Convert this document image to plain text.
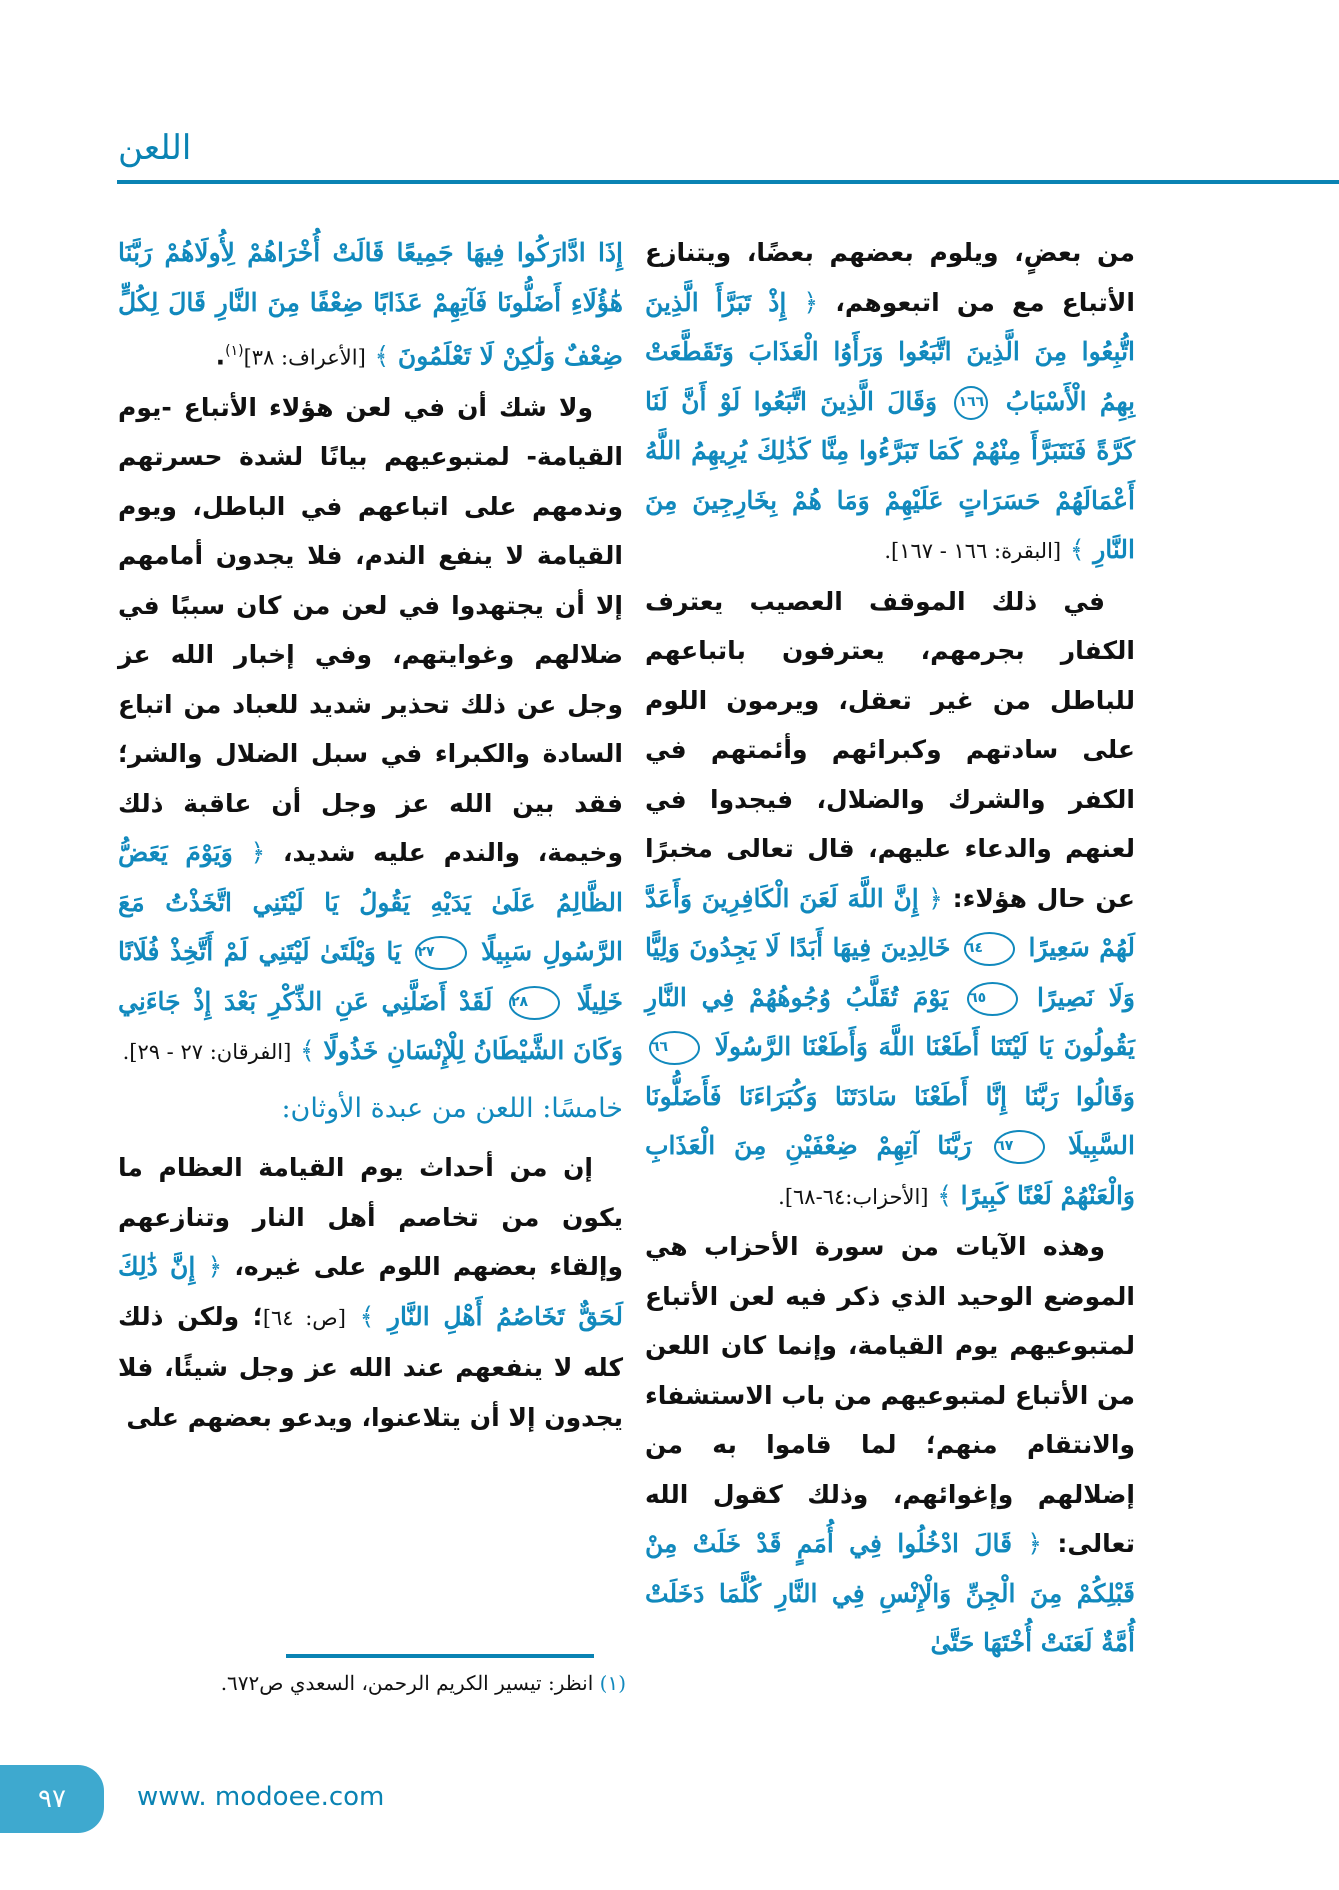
اللعن

من بعضٍ، ويلوم بعضهم بعضًا، ويتنازع الأتباع مع من اتبعوهم، ﴿ إِذْ تَبَرَّأَ الَّذِينَ اتُّبِعُوا مِنَ الَّذِينَ اتَّبَعُوا وَرَأَوُا الْعَذَابَ وَتَقَطَّعَتْ بِهِمُ الْأَسْبَابُ ١٦٦ وَقَالَ الَّذِينَ اتَّبَعُوا لَوْ أَنَّ لَنَا كَرَّةً فَنَتَبَرَّأَ مِنْهُمْ كَمَا تَبَرَّءُوا مِنَّا كَذَٰلِكَ يُرِيهِمُ اللَّهُ أَعْمَالَهُمْ حَسَرَاتٍ عَلَيْهِمْ وَمَا هُمْ بِخَارِجِينَ مِنَ النَّارِ ﴾ [البقرة: ١٦٦ - ١٦٧].

في ذلك الموقف العصيب يعترف الكفار بجرمهم، يعترفون باتباعهم للباطل من غير تعقل، ويرمون اللوم على سادتهم وكبرائهم وأئمتهم في الكفر والشرك والضلال، فيجدوا في لعنهم والدعاء عليهم، قال تعالى مخبرًا عن حال هؤلاء: ﴿ إِنَّ اللَّهَ لَعَنَ الْكَافِرِينَ وَأَعَدَّ لَهُمْ سَعِيرًا ٦٤ خَالِدِينَ فِيهَا أَبَدًا لَا يَجِدُونَ وَلِيًّا وَلَا نَصِيرًا ٦٥ يَوْمَ تُقَلَّبُ وُجُوهُهُمْ فِي النَّارِ يَقُولُونَ يَا لَيْتَنَا أَطَعْنَا اللَّهَ وَأَطَعْنَا الرَّسُولَا ٦٦ وَقَالُوا رَبَّنَا إِنَّا أَطَعْنَا سَادَتَنَا وَكُبَرَاءَنَا فَأَضَلُّونَا السَّبِيلَا ٦٧ رَبَّنَا آتِهِمْ ضِعْفَيْنِ مِنَ الْعَذَابِ وَالْعَنْهُمْ لَعْنًا كَبِيرًا ﴾ [الأحزاب:٦٤-٦٨].

وهذه الآيات من سورة الأحزاب هي الموضع الوحيد الذي ذكر فيه لعن الأتباع لمتبوعيهم يوم القيامة، وإنما كان اللعن من الأتباع لمتبوعيهم من باب الاستشفاء والانتقام منهم؛ لما قاموا به من إضلالهم وإغوائهم، وذلك كقول الله تعالى: ﴿ قَالَ ادْخُلُوا فِي أُمَمٍ قَدْ خَلَتْ مِنْ قَبْلِكُمْ مِنَ الْجِنِّ وَالْإِنْسِ فِي النَّارِ كُلَّمَا دَخَلَتْ أُمَّةٌ لَعَنَتْ أُخْتَهَا حَتَّىٰ

إِذَا ادَّارَكُوا فِيهَا جَمِيعًا قَالَتْ أُخْرَاهُمْ لِأُولَاهُمْ رَبَّنَا هَٰؤُلَاءِ أَضَلُّونَا فَآتِهِمْ عَذَابًا ضِعْفًا مِنَ النَّارِ قَالَ لِكُلٍّ ضِعْفٌ وَلَٰكِنْ لَا تَعْلَمُونَ ﴾ [الأعراف: ٣٨]$^{(١)}$.

ولا شك أن في لعن هؤلاء الأتباع -يوم القيامة- لمتبوعيهم بيانًا لشدة حسرتهم وندمهم على اتباعهم في الباطل، ويوم القيامة لا ينفع الندم، فلا يجدون أمامهم إلا أن يجتهدوا في لعن من كان سببًا في ضلالهم وغوايتهم، وفي إخبار الله عز وجل عن ذلك تحذير شديد للعباد من اتباع السادة والكبراء في سبل الضلال والشر؛ فقد بين الله عز وجل أن عاقبة ذلك وخيمة، والندم عليه شديد، ﴿ وَيَوْمَ يَعَضُّ الظَّالِمُ عَلَىٰ يَدَيْهِ يَقُولُ يَا لَيْتَنِي اتَّخَذْتُ مَعَ الرَّسُولِ سَبِيلًا ٢٧ يَا وَيْلَتَىٰ لَيْتَنِي لَمْ أَتَّخِذْ فُلَانًا خَلِيلًا ٢٨ لَقَدْ أَضَلَّنِي عَنِ الذِّكْرِ بَعْدَ إِذْ جَاءَنِي وَكَانَ الشَّيْطَانُ لِلْإِنْسَانِ خَذُولًا ﴾ [الفرقان: ٢٧ - ٢٩].

خامسًا: اللعن من عبدة الأوثان:

إن من أحداث يوم القيامة العظام ما يكون من تخاصم أهل النار وتنازعهم وإلقاء بعضهم اللوم على غيره، ﴿ إِنَّ ذَٰلِكَ لَحَقٌّ تَخَاصُمُ أَهْلِ النَّارِ ﴾ [ص: ٦٤]؛ ولكن ذلك كله لا ينفعهم عند الله عز وجل شيئًا، فلا يجدون إلا أن يتلاعنوا، ويدعو بعضهم على

(١) انظر: تيسير الكريم الرحمن، السعدي ص٦٧٢.
٩٧	www. modoee.com
